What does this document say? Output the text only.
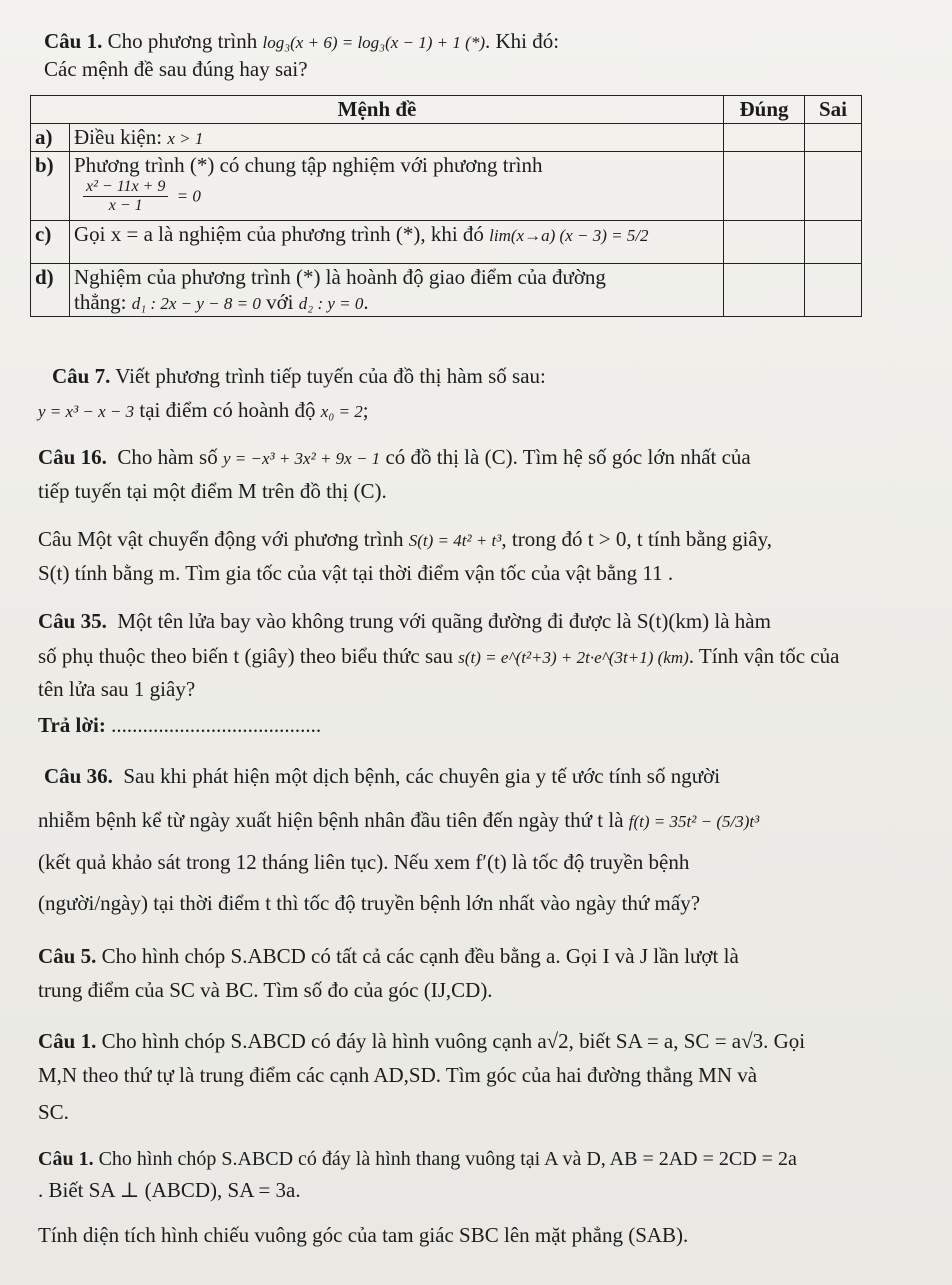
Câu 1. Cho phương trình log₃(x + 6) = log₃(x − 1) + 1 (*). Khi đó:
Các mệnh đề sau đúng hay sai?
Mệnh đề		Đúng	Sai
a)	Điều kiện: x > 1		
b)	Phương trình (*) có chung tập nghiệm với phương trình
$\frac{\text{x² − 11x + 9}}{x - 1} = 0$		

c)	Gọi x = a là nghiệm của phương trình (*), khi đó lim(x→a) (x − 3) = 5/2		
d)	Nghiệm của phương trình (*) là hoành độ giao điểm của đường
thẳng: d₁ : 2x − y − 8 = 0 với d₂ : y = 0.		

Câu 7. Viết phương trình tiếp tuyến của đồ thị hàm số sau:
y = x³ − x − 3 tại điểm có hoành độ x₀ = 2;
Câu 16. Cho hàm số y = −x³ + 3x² + 9x − 1 có đồ thị là (C). Tìm hệ số góc lớn nhất của
tiếp tuyến tại một điểm M trên đồ thị (C).
Câu Một vật chuyển động với phương trình S(t) = 4t² + t³, trong đó t > 0, t tính bằng giây,
S(t) tính bằng m. Tìm gia tốc của vật tại thời điểm vận tốc của vật bằng 11 .
Câu 35. Một tên lửa bay vào không trung với quãng đường đi được là S(t)(km) là hàm
số phụ thuộc theo biến t (giây) theo biểu thức sau s(t) = e^(t²+3) + 2t·e^(3t+1) (km). Tính vận tốc của
tên lửa sau 1 giây?
Trả lời: ........................................
Câu 36. Sau khi phát hiện một dịch bệnh, các chuyên gia y tế ước tính số người
nhiễm bệnh kể từ ngày xuất hiện bệnh nhân đầu tiên đến ngày thứ t là f(t) = 35t² − (5/3)t³
(kết quả khảo sát trong 12 tháng liên tục). Nếu xem f′(t) là tốc độ truyền bệnh
(người/ngày) tại thời điểm t thì tốc độ truyền bệnh lớn nhất vào ngày thứ mấy?
Câu 5. Cho hình chóp S.ABCD có tất cả các cạnh đều bằng a. Gọi I và J lần lượt là
trung điểm của SC và BC. Tìm số đo của góc (IJ,CD).
Câu 1. Cho hình chóp S.ABCD có đáy là hình vuông cạnh a√2, biết SA = a, SC = a√3. Gọi
M,N theo thứ tự là trung điểm các cạnh AD,SD. Tìm góc của hai đường thẳng MN và
SC.
Câu 1. Cho hình chóp S.ABCD có đáy là hình thang vuông tại A và D, AB = 2AD = 2CD = 2a
. Biết SA ⊥ (ABCD), SA = 3a.
Tính diện tích hình chiếu vuông góc của tam giác SBC lên mặt phẳng (SAB).
